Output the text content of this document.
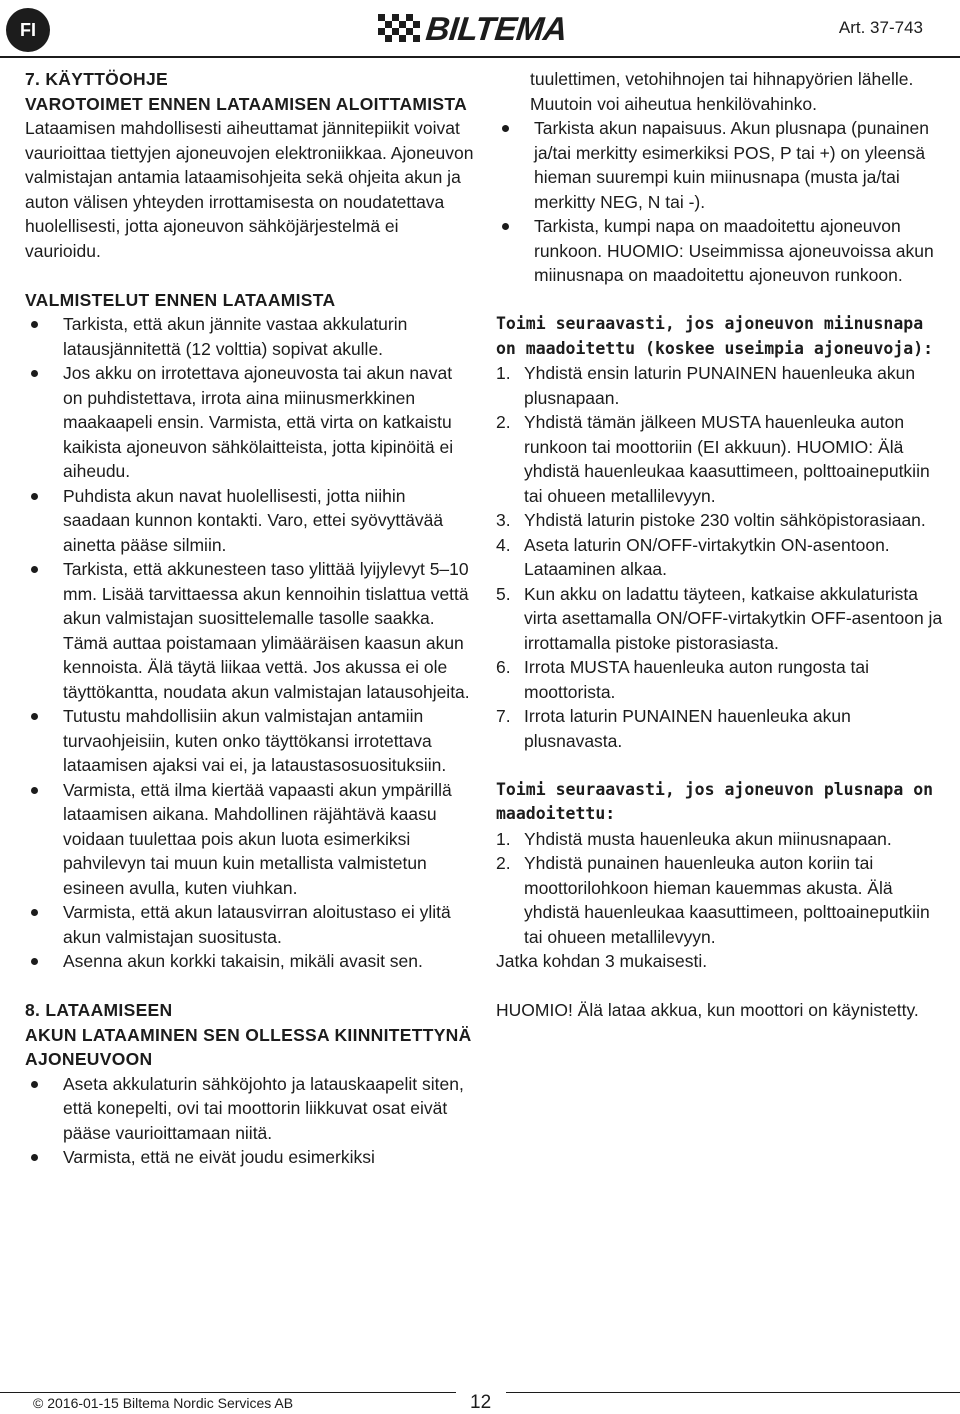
FI	BILTEMA	Art. 37-743
7. KÄYTTÖOHJE
VAROTOIMET ENNEN LATAAMISEN ALOITTAMISTA

Lataamisen mahdollisesti aiheuttamat jännitepiikit voivat vaurioittaa tiettyjen ajoneuvojen elektroniikkaa. Ajoneuvon valmistajan antamia lataamisohjeita sekä ohjeita akun ja auton välisen yhteyden irrottamisesta on noudatettava huolellisesti, jotta ajoneuvon sähköjärjestelmä ei vaurioidu.

VALMISTELUT ENNEN LATAAMISTA
Tarkista, että akun jännite vastaa akkulaturin latausjännitettä (12 volttia) sopivat akulle.
Jos akku on irrotettava ajoneuvosta tai akun navat on puhdistettava, irrota aina miinusmerkkinen maakaapeli ensin. Varmista, että virta on katkaistu kaikista ajoneuvon sähkölaitteista, jotta kipinöitä ei aiheudu.
Puhdista akun navat huolellisesti, jotta niihin saadaan kunnon kontakti. Varo, ettei syövyttävää ainetta pääse silmiin.
Tarkista, että akkunesteen taso ylittää lyijylevyt 5–10 mm. Lisää tarvittaessa akun kennoihin tislattua vettä akun valmistajan suosittelemalle tasolle saakka. Tämä auttaa poistamaan ylimääräisen kaasun akun kennoista. Älä täytä liikaa vettä. Jos akussa ei ole täyttökantta, noudata akun valmistajan latausohjeita.
Tutustu mahdollisiin akun valmistajan antamiin turvaohjeisiin, kuten onko täyttökansi irrotettava lataamisen ajaksi vai ei, ja lataustasosuosituksiin.
Varmista, että ilma kiertää vapaasti akun ympärillä lataamisen aikana. Mahdollinen räjähtävä kaasu voidaan tuulettaa pois akun luota esimerkiksi pahvilevyn tai muun kuin metallista valmistetun esineen avulla, kuten viuhkan.
Varmista, että akun latausvirran aloitustaso ei ylitä akun valmistajan suositusta.
Asenna akun korkki takaisin, mikäli avasit sen.
8. LATAAMISEEN
AKUN LATAAMINEN SEN OLLESSA KIINNITETTYNÄ AJONEUVOON
Aseta akkulaturin sähköjohto ja latauskaapelit siten, että konepelti, ovi tai moottorin liikkuvat osat eivät pääse vaurioittamaan niitä.
Varmista, että ne eivät joudu esimerkiksi

tuulettimen, vetohihnojen tai hihnapyörien lähelle. Muutoin voi aiheutua henkilövahinko.

Tarkista akun napaisuus. Akun plusnapa (punainen ja/tai merkitty esimerkiksi POS, P tai +) on yleensä hieman suurempi kuin miinusnapa (musta ja/tai merkitty NEG, N tai -).
Tarkista, kumpi napa on maadoitettu ajoneuvon runkoon. HUOMIO: Useimmissa ajoneuvoissa akun miinusnapa on maadoitettu ajoneuvon runkoon.
Toimi seuraavasti, jos ajoneuvon miinusnapa on maadoitettu (koskee useimpia ajoneuvoja):
1. Yhdistä ensin laturin PUNAINEN hauenleuka akun plusnapaan.
2. Yhdistä tämän jälkeen MUSTA hauenleuka auton runkoon tai moottoriin (EI akkuun). HUOMIO: Älä yhdistä hauenleukaa kaasuttimeen, polttoaineputkiin tai ohueen metallilevyyn.
3. Yhdistä laturin pistoke 230 voltin sähköpistorasiaan.
4. Aseta laturin ON/OFF-virtakytkin ON-asentoon. Lataaminen alkaa.
5. Kun akku on ladattu täyteen, katkaise akkulaturista virta asettamalla ON/OFF-virtakytkin OFF-asentoon ja irrottamalla pistoke pistorasiasta.
6. Irrota MUSTA hauenleuka auton rungosta tai moottorista.
7. Irrota laturin PUNAINEN hauenleuka akun plusnavasta.
Toimi seuraavasti, jos ajoneuvon plusnapa on maadoitettu:
1. Yhdistä musta hauenleuka akun miinusnapaan.
2. Yhdistä punainen hauenleuka auton koriin tai moottorilohkoon hieman kauemmas akusta. Älä yhdistä hauenleukaa kaasuttimeen, polttoaineputkiin tai ohueen metallilevyyn.

Jatka kohdan 3 mukaisesti.

HUOMIO! Älä lataa akkua, kun moottori on käynistetty.

© 2016-01-15 Biltema Nordic Services AB	12
